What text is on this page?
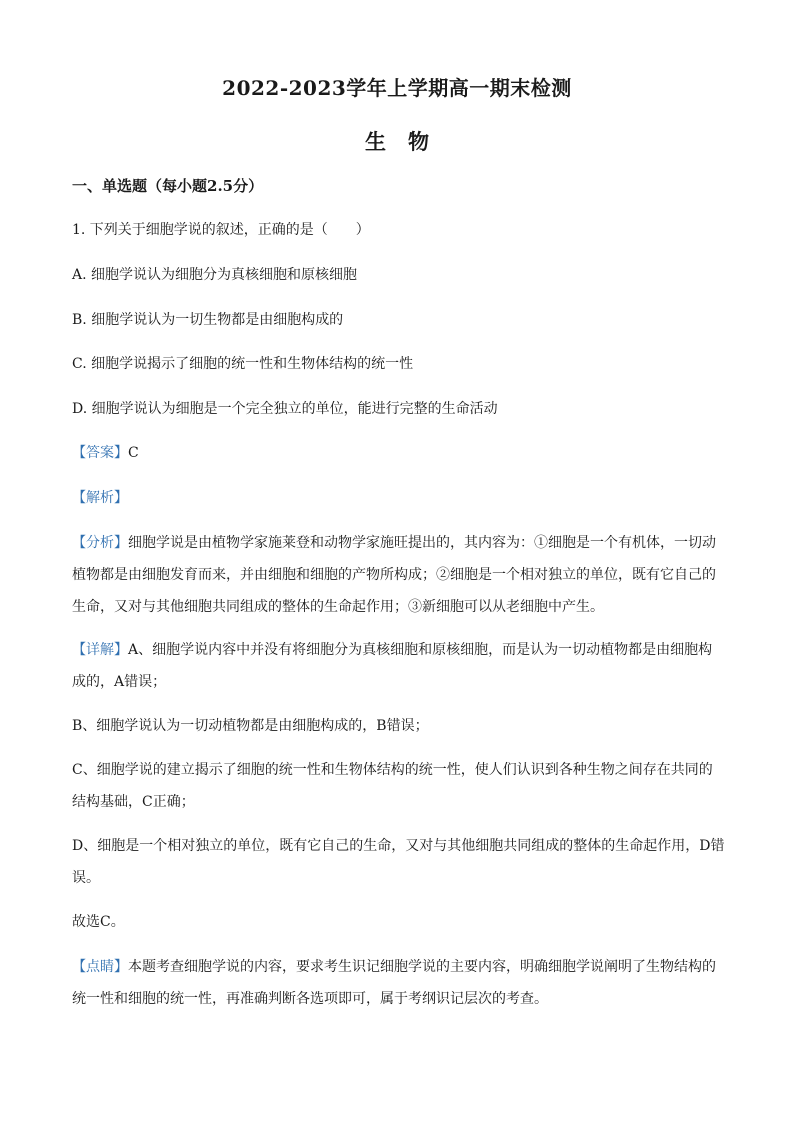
2022-2023学年上学期高一期末检测
生物
一、单选题（每小题2.5分）
1. 下列关于细胞学说的叙述，正确的是（　　）
A. 细胞学说认为细胞分为真核细胞和原核细胞
B. 细胞学说认为一切生物都是由细胞构成的
C. 细胞学说揭示了细胞的统一性和生物体结构的统一性
D. 细胞学说认为细胞是一个完全独立的单位，能进行完整的生命活动
【答案】C
【解析】

【分析】细胞学说是由植物学家施莱登和动物学家施旺提出的，其内容为：①细胞是一个有机体，一切动植物都是由细胞发育而来，并由细胞和细胞的产物所构成；②细胞是一个相对独立的单位，既有它自己的生命，又对与其他细胞共同组成的整体的生命起作用；③新细胞可以从老细胞中产生。

【详解】A、细胞学说内容中并没有将细胞分为真核细胞和原核细胞，而是认为一切动植物都是由细胞构成的，A错误；

B、细胞学说认为一切动植物都是由细胞构成的，B错误；

C、细胞学说的建立揭示了细胞的统一性和生物体结构的统一性，使人们认识到各种生物之间存在共同的结构基础，C正确；

D、细胞是一个相对独立的单位，既有它自己的生命，又对与其他细胞共同组成的整体的生命起作用，D错误。

故选C。

【点睛】本题考查细胞学说的内容，要求考生识记细胞学说的主要内容，明确细胞学说阐明了生物结构的统一性和细胞的统一性，再准确判断各选项即可，属于考纲识记层次的考查。
